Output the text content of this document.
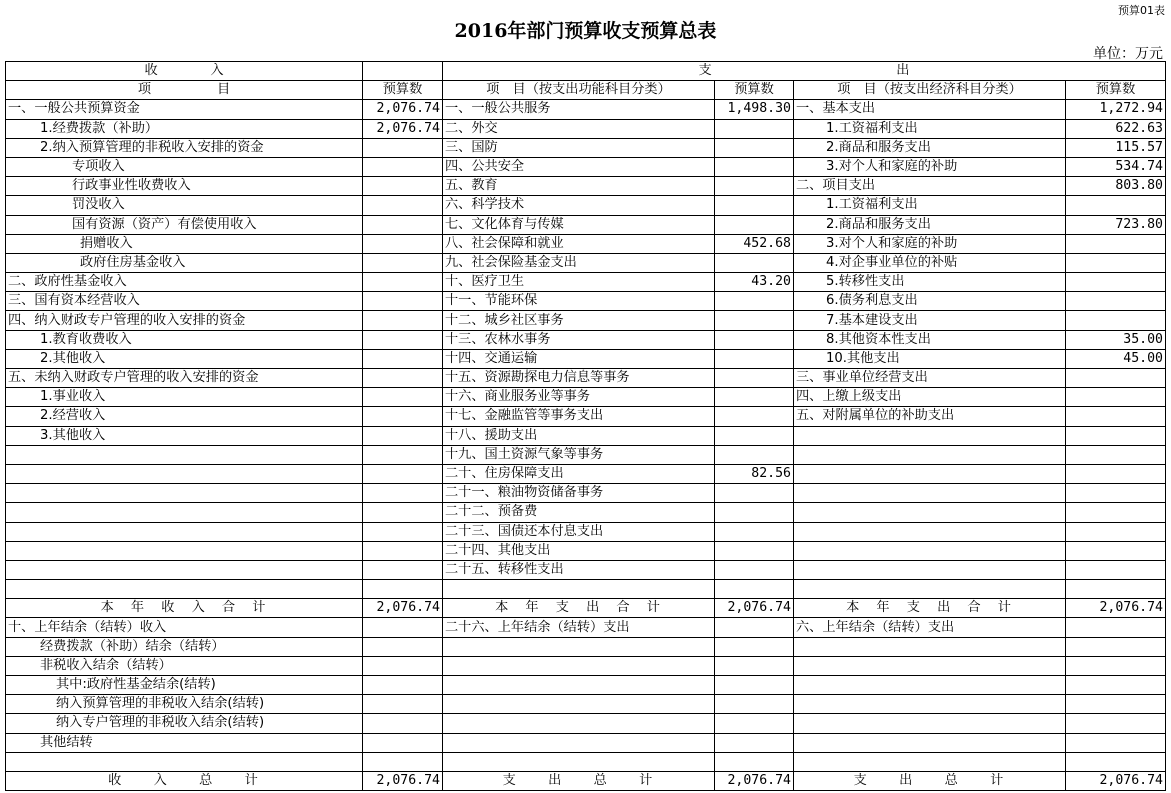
预算01表
2016年部门预算收支预算总表
单位：万元
收　　　　入		支　　　　　　　　　　　　　　出			
项　　　　　目	预算数	项　目（按支出功能科目分类）	预算数	项　目（按支出经济科目分类）	预算数
一、一般公共预算资金	2,076.74	一、一般公共服务	1,498.30	一、基本支出	1,272.94
1.经费拨款（补助）	2,076.74	二、外交		1.工资福利支出	622.63
2.纳入预算管理的非税收入安排的资金		三、国防		2.商品和服务支出	115.57
专项收入		四、公共安全		3.对个人和家庭的补助	534.74
行政事业性收费收入		五、教育		二、项目支出	803.80
罚没收入		六、科学技术		1.工资福利支出	
国有资源（资产）有偿使用收入		七、文化体育与传媒		2.商品和服务支出	723.80
捐赠收入		八、社会保障和就业	452.68	3.对个人和家庭的补助	
政府住房基金收入		九、社会保险基金支出		4.对企事业单位的补贴	
二、政府性基金收入		十、医疗卫生	43.20	5.转移性支出	
三、国有资本经营收入		十一、节能环保		6.债务利息支出	
四、纳入财政专户管理的收入安排的资金		十二、城乡社区事务		7.基本建设支出	
1.教育收费收入		十三、农林水事务		8.其他资本性支出	35.00
2.其他收入		十四、交通运输		10.其他支出	45.00
五、未纳入财政专户管理的收入安排的资金		十五、资源勘探电力信息等事务		三、事业单位经营支出	
1.事业收入		十六、商业服务业等事务		四、上缴上级支出	
2.经营收入		十七、金融监管等事务支出		五、对附属单位的补助支出	
3.其他收入		十八、援助支出			
		十九、国土资源气象等事务			
		二十、住房保障支出	82.56		
		二十一、粮油物资储备事务			
		二十二、预备费			
		二十三、国债还本付息支出			
		二十四、其他支出			
		二十五、转移性支出			

本　年　收　入　合　计	2,076.74	本　年　支　出　合　计	2,076.74	本　年　支　出　合　计	2,076.74
十、上年结余（结转）收入		二十六、上年结余（结转）支出		六、上年结余（结转）支出	
经费拨款（补助）结余（结转）					
非税收入结余（结转）					
其中:政府性基金结余(结转)					
纳入预算管理的非税收入结余(结转)					
纳入专户管理的非税收入结余(结转)					
其他结转					

收　　入　　总　　计	2,076.74	支　　出　　总　　计	2,076.74	支　　出　　总　　计	2,076.74
